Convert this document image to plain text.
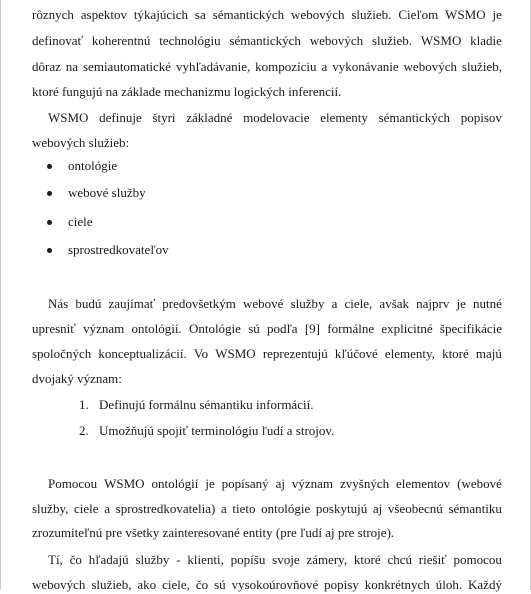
rôznych aspektov týkajúcich sa sémantických webových služieb. Cieľom WSMO je
definovať koherentnú technológiu sémantických webových služieb. WSMO kladie
dôraz na semiautomatické vyhľadávanie, kompozíciu a vykonávanie webových služieb,
ktoré fungujú na základe mechanizmu logických inferencií.
WSMO definuje štyri základné modelovacie elementy sémantických popisov
webových služieb:
ontológie
webové služby
ciele
sprostredkovateľov
Nás budú zaujímať predovšetkým webové služby a ciele, avšak najprv je nutné
upresniť význam ontológií. Ontológie sú podľa [9] formálne explicitné špecifikácie
spoločných konceptualizácií. Vo WSMO reprezentujú kľúčové elementy, ktoré majú
dvojaký význam:
1. Definujú formálnu sémantiku informácií.
2. Umožňujú spojiť terminológiu ľudí a strojov.
Pomocou WSMO ontológií je popísaný aj význam zvyšných elementov (webové
služby, ciele a sprostredkovatelia) a tieto ontológie poskytujú aj všeobecnú sémantiku
zrozumiteľnú pre všetky zainteresované entity (pre ľudí aj pre stroje).
Tí, čo hľadajú služby - klienti, popíšu svoje zámery, ktoré chcú riešiť pomocou
webových služieb, ako ciele, čo sú vysokoúrovňové popisy konkrétnych úloh. Každý
